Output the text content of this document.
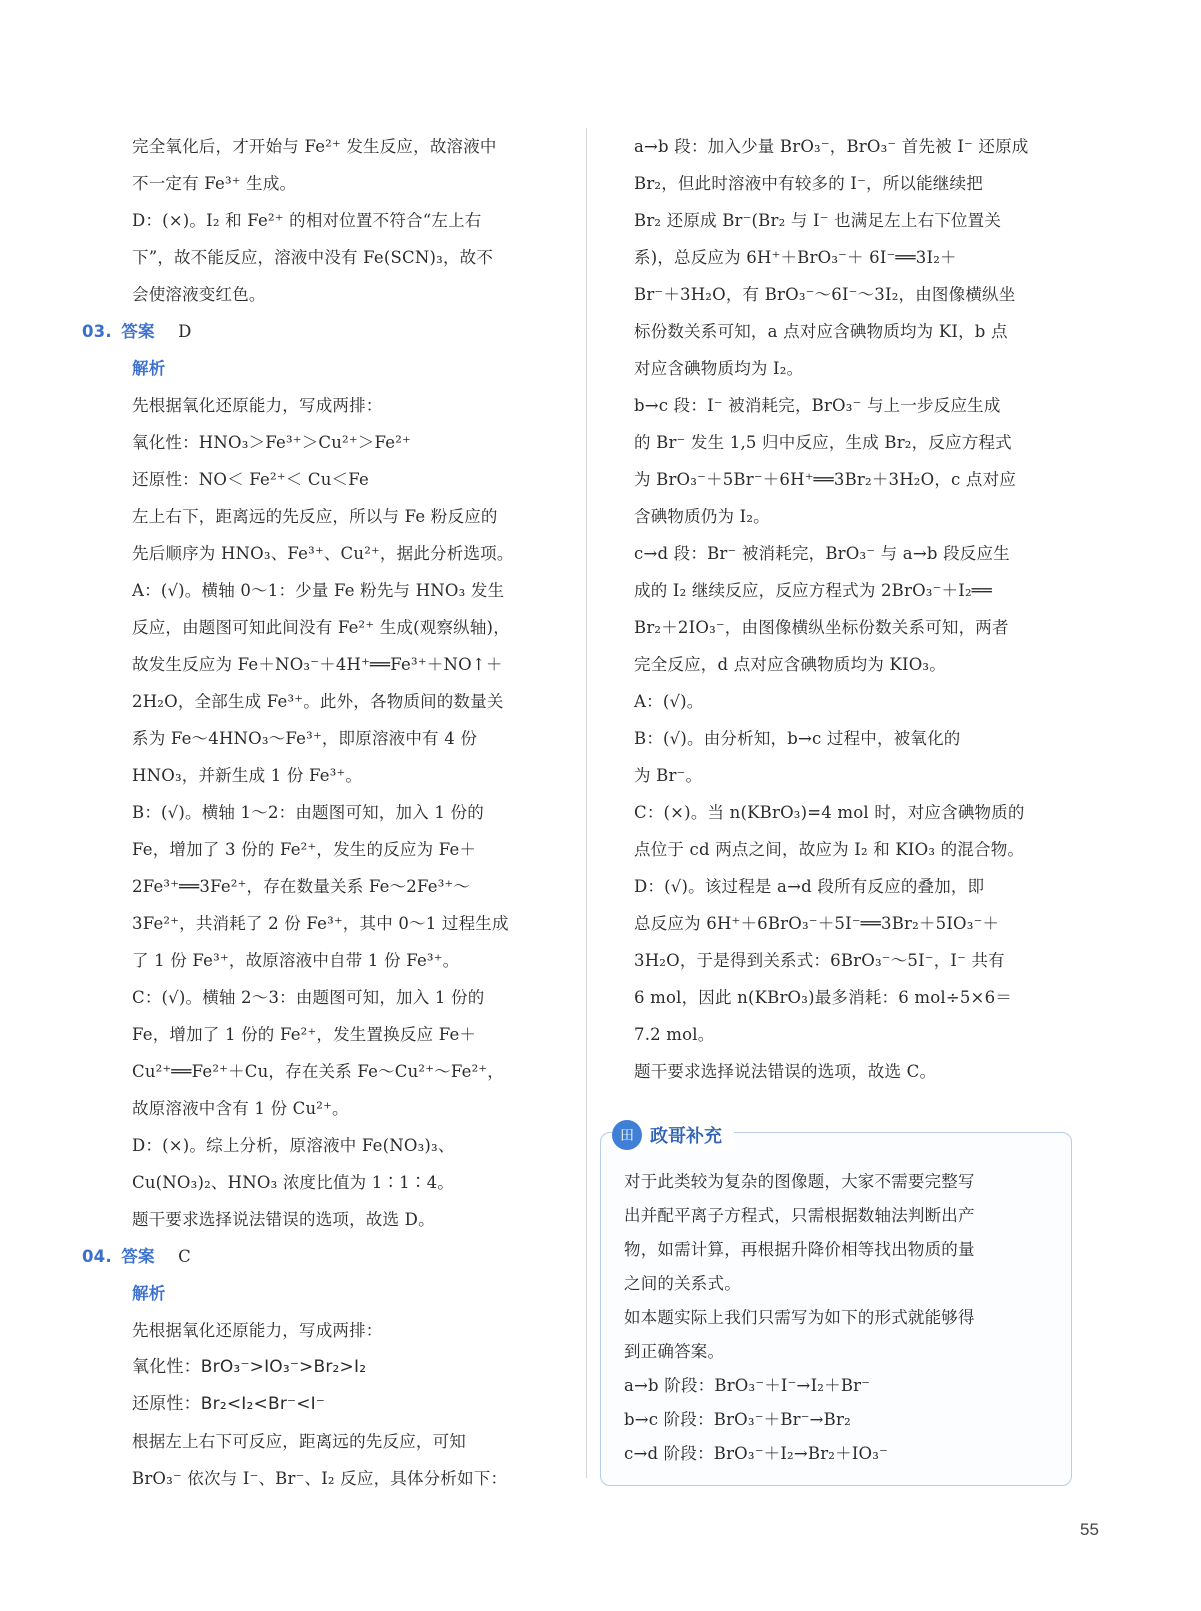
完全氧化后，才开始与 Fe²⁺ 发生反应，故溶液中
不一定有 Fe³⁺ 生成。
D：(×)。I₂ 和 Fe²⁺ 的相对位置不符合“左上右
下”，故不能反应，溶液中没有 Fe(SCN)₃，故不
会使溶液变红色。
03. 答案 D
解析
先根据氧化还原能力，写成两排：
氧化性：HNO₃＞Fe³⁺＞Cu²⁺＞Fe²⁺
还原性：NO＜ Fe²⁺＜ Cu＜Fe
左上右下，距离远的先反应，所以与 Fe 粉反应的
先后顺序为 HNO₃、Fe³⁺、Cu²⁺，据此分析选项。
A：(√)。横轴 0～1：少量 Fe 粉先与 HNO₃ 发生
反应，由题图可知此间没有 Fe²⁺ 生成(观察纵轴)，
故发生反应为 Fe＋NO₃⁻＋4H⁺══Fe³⁺＋NO↑＋
2H₂O，全部生成 Fe³⁺。此外，各物质间的数量关
系为 Fe～4HNO₃～Fe³⁺，即原溶液中有 4 份
HNO₃，并新生成 1 份 Fe³⁺。
B：(√)。横轴 1～2：由题图可知，加入 1 份的
Fe，增加了 3 份的 Fe²⁺，发生的反应为 Fe＋
2Fe³⁺══3Fe²⁺，存在数量关系 Fe～2Fe³⁺～
3Fe²⁺，共消耗了 2 份 Fe³⁺，其中 0～1 过程生成
了 1 份 Fe³⁺，故原溶液中自带 1 份 Fe³⁺。
C：(√)。横轴 2～3：由题图可知，加入 1 份的
Fe，增加了 1 份的 Fe²⁺，发生置换反应 Fe＋
Cu²⁺══Fe²⁺＋Cu，存在关系 Fe～Cu²⁺～Fe²⁺，
故原溶液中含有 1 份 Cu²⁺。
D：(×)。综上分析，原溶液中 Fe(NO₃)₃、
Cu(NO₃)₂、HNO₃ 浓度比值为 1∶1∶4。
题干要求选择说法错误的选项，故选 D。
04. 答案 C
解析
先根据氧化还原能力，写成两排：
氧化性：BrO₃⁻>IO₃⁻>Br₂>I₂
还原性：Br₂<I₂<Br⁻<I⁻
根据左上右下可反应，距离远的先反应，可知
BrO₃⁻ 依次与 I⁻、Br⁻、I₂ 反应，具体分析如下：
a→b 段：加入少量 BrO₃⁻，BrO₃⁻ 首先被 I⁻ 还原成
Br₂，但此时溶液中有较多的 I⁻，所以能继续把
Br₂ 还原成 Br⁻(Br₂ 与 I⁻ 也满足左上右下位置关
系)，总反应为 6H⁺＋BrO₃⁻＋ 6I⁻══3I₂＋
Br⁻＋3H₂O，有 BrO₃⁻～6I⁻～3I₂，由图像横纵坐
标份数关系可知，a 点对应含碘物质均为 KI，b 点
对应含碘物质均为 I₂。
b→c 段：I⁻ 被消耗完，BrO₃⁻ 与上一步反应生成
的 Br⁻ 发生 1,5 归中反应，生成 Br₂，反应方程式
为 BrO₃⁻＋5Br⁻＋6H⁺══3Br₂＋3H₂O，c 点对应
含碘物质仍为 I₂。
c→d 段：Br⁻ 被消耗完，BrO₃⁻ 与 a→b 段反应生
成的 I₂ 继续反应，反应方程式为 2BrO₃⁻＋I₂══
Br₂＋2IO₃⁻，由图像横纵坐标份数关系可知，两者
完全反应，d 点对应含碘物质均为 KIO₃。
A：(√)。
B：(√)。由分析知，b→c 过程中，被氧化的
为 Br⁻。
C：(×)。当 n(KBrO₃)=4 mol 时，对应含碘物质的
点位于 cd 两点之间，故应为 I₂ 和 KIO₃ 的混合物。
D：(√)。该过程是 a→d 段所有反应的叠加，即
总反应为 6H⁺＋6BrO₃⁻＋5I⁻══3Br₂＋5IO₃⁻＋
3H₂O，于是得到关系式：6BrO₃⁻～5I⁻，I⁻ 共有
6 mol，因此 n(KBrO₃)最多消耗：6 mol÷5×6＝
7.2 mol。
题干要求选择说法错误的选项，故选 C。
田 政哥补充
对于此类较为复杂的图像题，大家不需要完整写
出并配平离子方程式，只需根据数轴法判断出产
物，如需计算，再根据升降价相等找出物质的量
之间的关系式。
如本题实际上我们只需写为如下的形式就能够得
到正确答案。
a→b 阶段：BrO₃⁻＋I⁻→I₂＋Br⁻
b→c 阶段：BrO₃⁻＋Br⁻→Br₂
c→d 阶段：BrO₃⁻＋I₂→Br₂＋IO₃⁻
55
